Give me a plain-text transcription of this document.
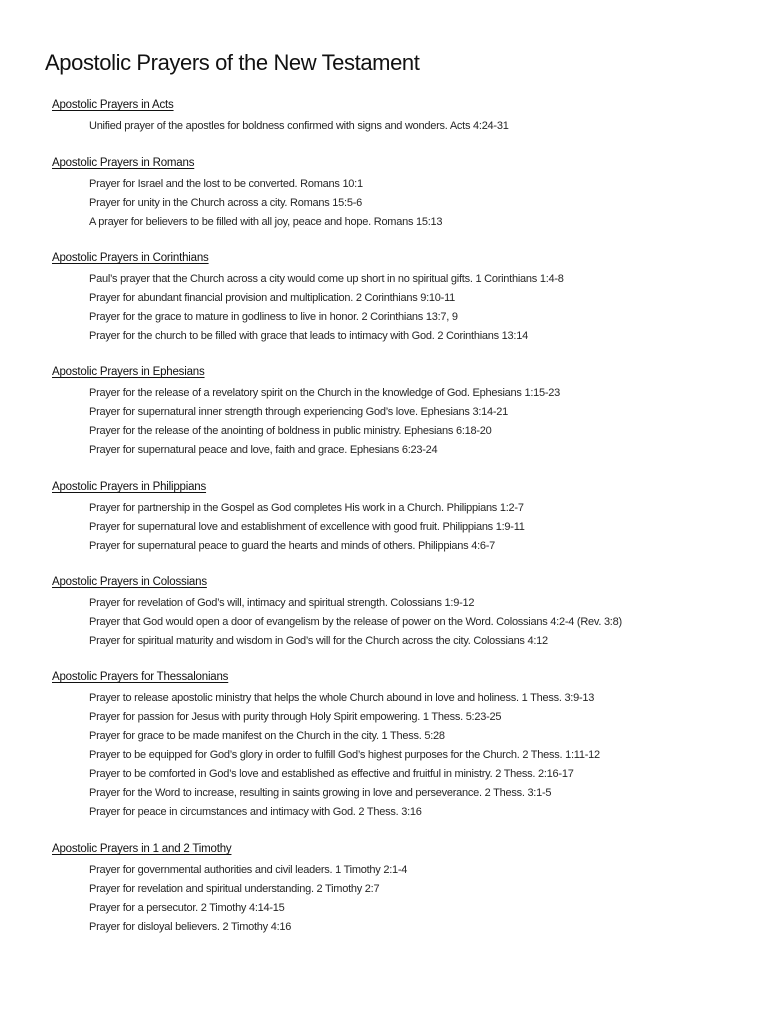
Apostolic Prayers of the New Testament
Apostolic Prayers in Acts
Unified prayer of the apostles for boldness confirmed with signs and wonders. Acts 4:24-31
Apostolic Prayers in Romans
Prayer for Israel and the lost to be converted. Romans 10:1
Prayer for unity in the Church across a city. Romans 15:5-6
A prayer for believers to be filled with all joy, peace and hope. Romans 15:13
Apostolic Prayers in Corinthians
Paul’s prayer that the Church across a city would come up short in no spiritual gifts. 1 Corinthians 1:4-8
Prayer for abundant financial provision and multiplication. 2 Corinthians 9:10-11
Prayer for the grace to mature in godliness to live in honor. 2 Corinthians 13:7, 9
Prayer for the church to be filled with grace that leads to intimacy with God. 2 Corinthians 13:14
Apostolic Prayers in Ephesians
Prayer for the release of a revelatory spirit on the Church in the knowledge of God. Ephesians 1:15-23
Prayer for supernatural inner strength through experiencing God’s love. Ephesians 3:14-21
Prayer for the release of the anointing of boldness in public ministry. Ephesians 6:18-20
Prayer for supernatural peace and love, faith and grace. Ephesians 6:23-24
Apostolic Prayers in Philippians
Prayer for partnership in the Gospel as God completes His work in a Church. Philippians 1:2-7
Prayer for supernatural love and establishment of excellence with good fruit. Philippians 1:9-11
Prayer for supernatural peace to guard the hearts and minds of others. Philippians 4:6-7
Apostolic Prayers in Colossians
Prayer for revelation of God’s will, intimacy and spiritual strength. Colossians 1:9-12
Prayer that God would open a door of evangelism by the release of power on the Word. Colossians 4:2-4 (Rev. 3:8)
Prayer for spiritual maturity and wisdom in God’s will for the Church across the city. Colossians 4:12
Apostolic Prayers for Thessalonians
Prayer to release apostolic ministry that helps the whole Church abound in love and holiness. 1 Thess. 3:9-13
Prayer for passion for Jesus with purity through Holy Spirit empowering. 1 Thess. 5:23-25
Prayer for grace to be made manifest on the Church in the city. 1 Thess. 5:28
Prayer to be equipped for God’s glory in order to fulfill God’s highest purposes for the Church. 2 Thess. 1:11-12
Prayer to be comforted in God’s love and established as effective and fruitful in ministry. 2 Thess. 2:16-17
Prayer for the Word to increase, resulting in saints growing in love and perseverance. 2 Thess. 3:1-5
Prayer for peace in circumstances and intimacy with God. 2 Thess. 3:16
Apostolic Prayers in 1 and 2 Timothy
Prayer for governmental authorities and civil leaders. 1 Timothy 2:1-4
Prayer for revelation and spiritual understanding. 2 Timothy 2:7
Prayer for a persecutor. 2 Timothy 4:14-15
Prayer for disloyal believers. 2 Timothy 4:16
